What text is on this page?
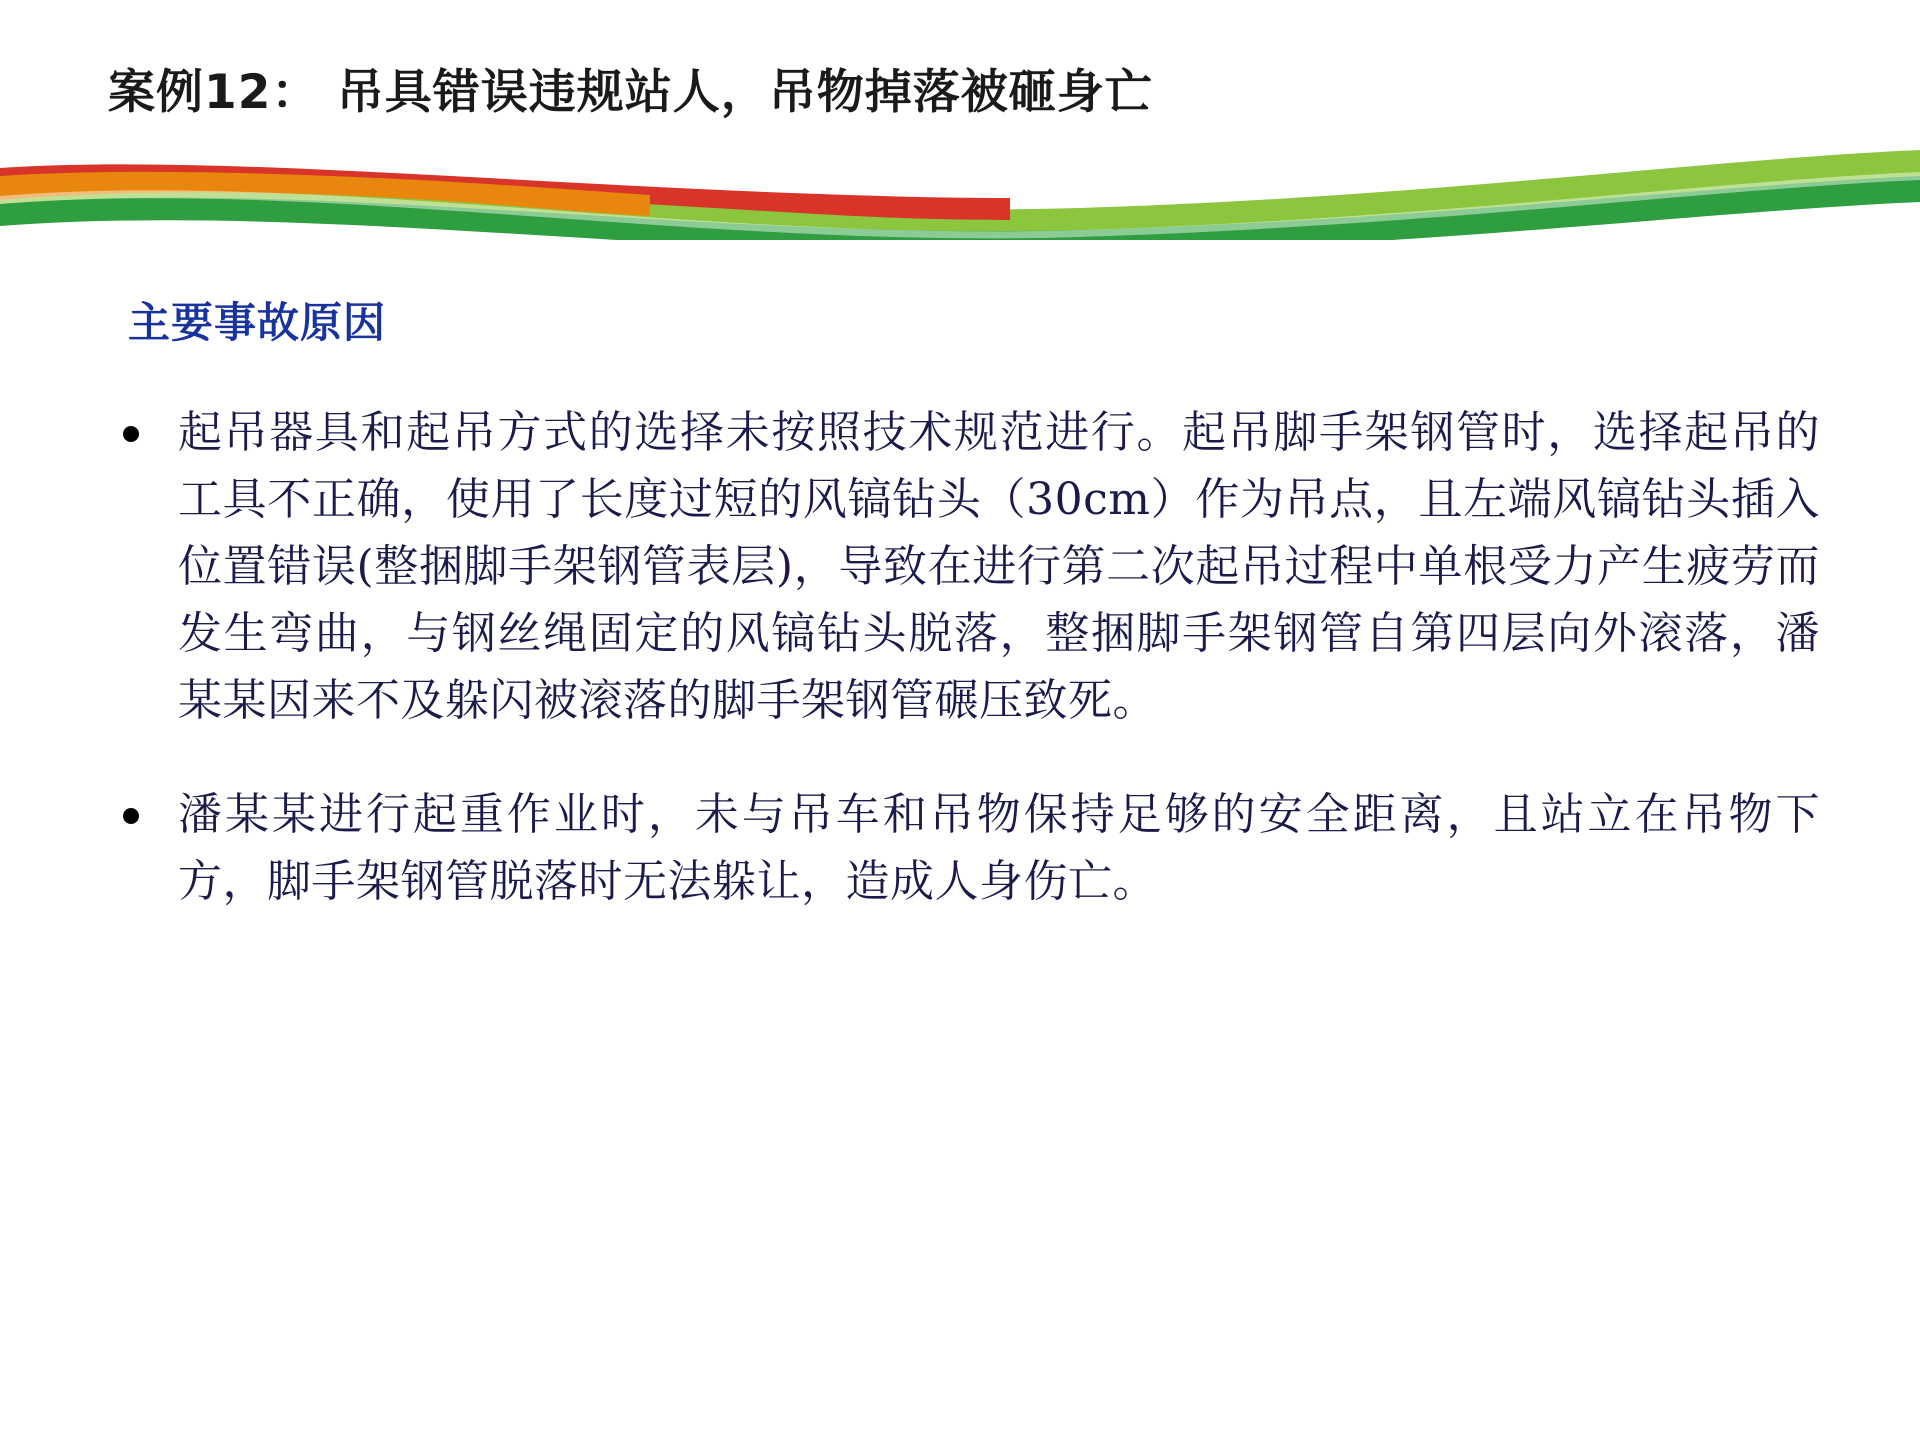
案例12： 吊具错误违规站人，吊物掉落被砸身亡
主要事故原因
起吊器具和起吊方式的选择未按照技术规范进行。起吊脚手架钢管时，选择起吊的工具不正确，使用了长度过短的风镐钻头（30cm）作为吊点，且左端风镐钻头插入位置错误(整捆脚手架钢管表层)，导致在进行第二次起吊过程中单根受力产生疲劳而发生弯曲，与钢丝绳固定的风镐钻头脱落，整捆脚手架钢管自第四层向外滚落，潘某某因来不及躲闪被滚落的脚手架钢管碾压致死。
潘某某进行起重作业时，未与吊车和吊物保持足够的安全距离，且站立在吊物下方，脚手架钢管脱落时无法躲让，造成人身伤亡。
